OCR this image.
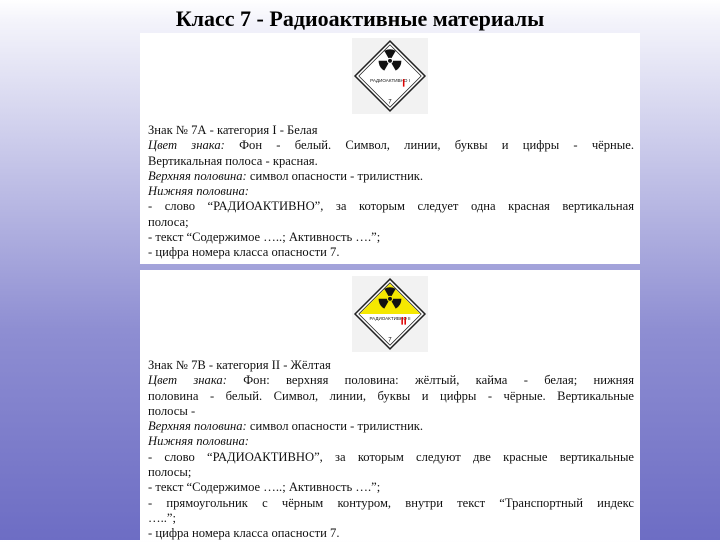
Класс 7 - Радиоактивные материалы
РАДИОАКТИВНО I
7
Знак № 7А - категория I - Белая
Цвет знака: Фон - белый. Символ, линии, буквы и цифры - чёрные.
Вертикальная полоса - красная.
Верхняя половина: символ опасности - трилистник.
Нижняя половина:
- слово “РАДИОАКТИВНО”, за которым следует одна красная вертикальная
полоса;
- текст “Содержимое …..; Активность ….”;
- цифра номера класса опасности 7.
РАДИОАКТИВНО II
7
Знак № 7В - категория II - Жёлтая
Цвет знака: Фон: верхняя половина: жёлтый, кайма - белая; нижняя
половина - белый. Символ, линии, буквы и цифры - чёрные. Вертикальные
полосы -
Верхняя половина: символ опасности - трилистник.
Нижняя половина:
- слово “РАДИОАКТИВНО”, за которым следуют две красные вертикальные
полосы;
- текст “Содержимое …..; Активность ….”;
- прямоугольник с чёрным контуром, внутри текст “Транспортный индекс
…..”;
- цифра номера класса опасности 7.
